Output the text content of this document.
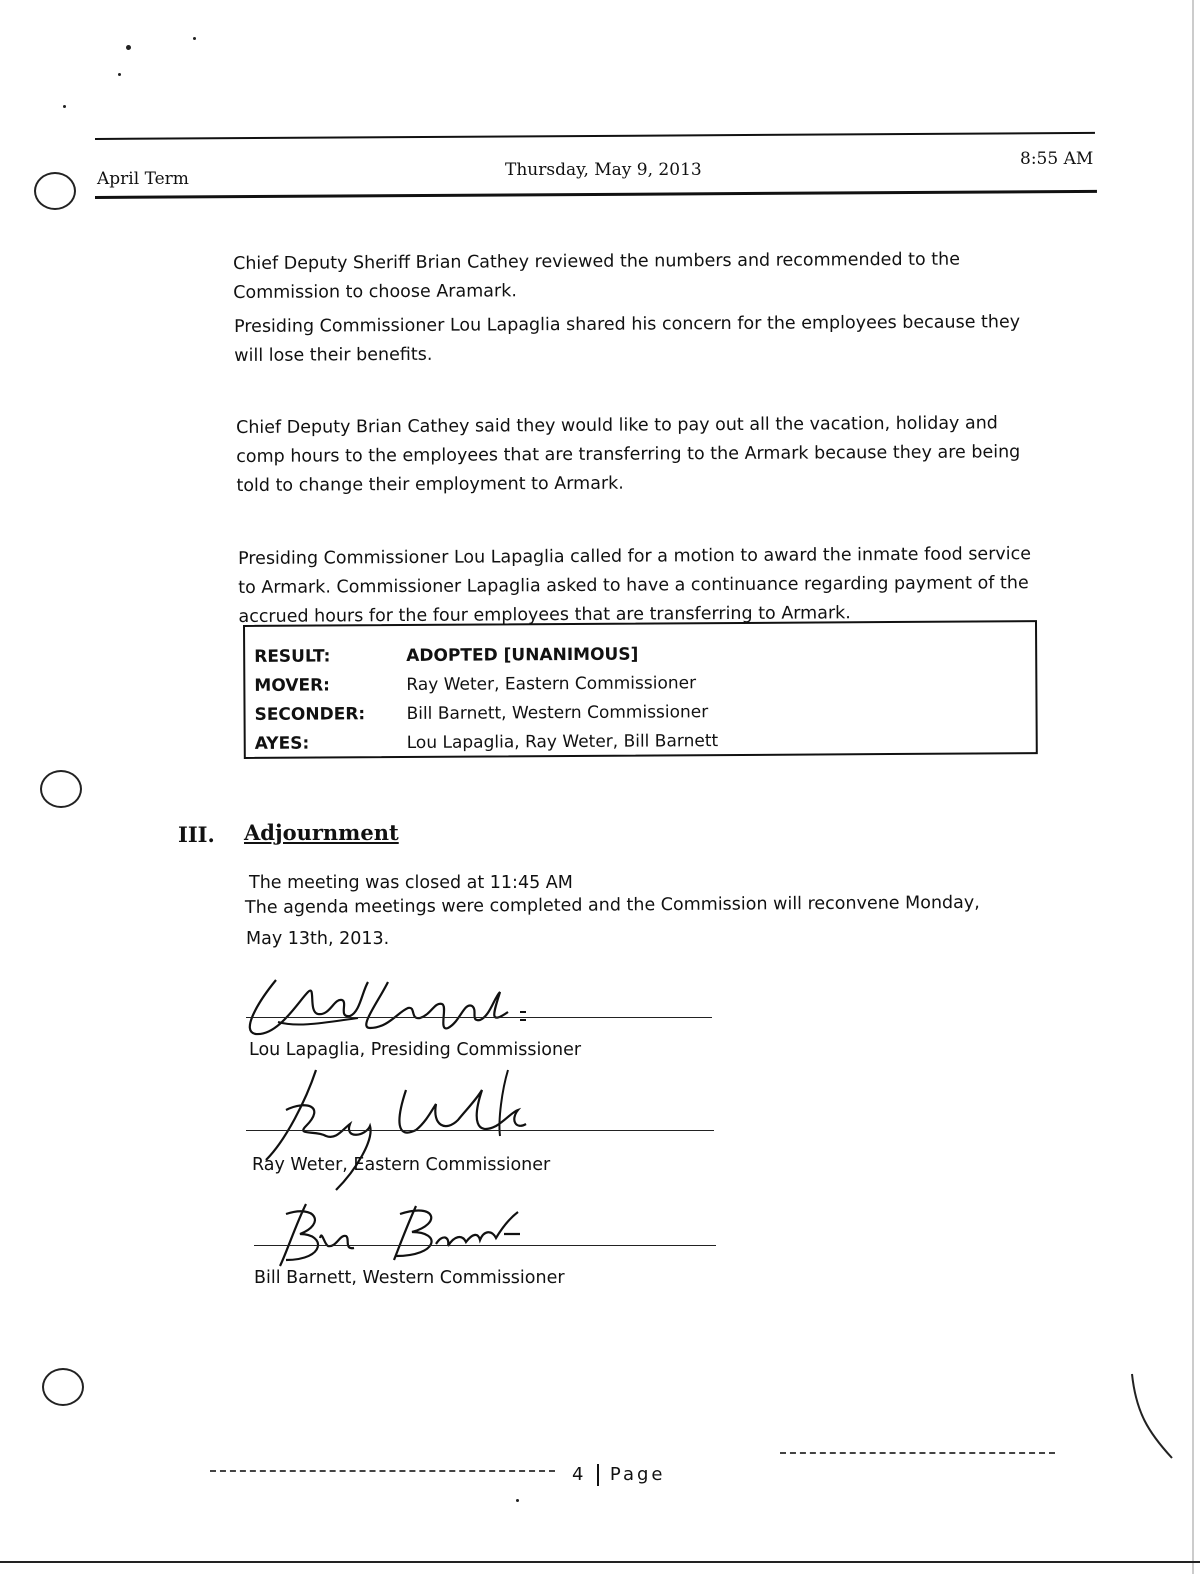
April Term	Thursday, May 9, 2013
8:55 AM
Chief Deputy Sheriff Brian Cathey reviewed the numbers and recommended to the Commission to choose Aramark.
Presiding Commissioner Lou Lapaglia shared his concern for the employees because they will lose their benefits.
Chief Deputy Brian Cathey said they would like to pay out all the vacation, holiday and comp hours to the employees that are transferring to the Armark because they are being told to change their employment to Armark.
Presiding Commissioner Lou Lapaglia called for a motion to award the inmate food service to Armark. Commissioner Lapaglia asked to have a continuance regarding payment of the accrued hours for the four employees that are transferring to Armark.
RESULT:	ADOPTED [UNANIMOUS]
MOVER:	Ray Weter, Eastern Commissioner
SECONDER: Bill Barnett, Western Commissioner
AYES:	Lou Lapaglia, Ray Weter, Bill Barnett
III. Adjournment
The meeting was closed at 11:45 AM
The agenda meetings were completed and the Commission will reconvene Monday,
May 13th, 2013.
Lou Lapaglia, Presiding Commissioner
Ray Weter, Eastern Commissioner
Bill Barnett, Western Commissioner
4 Page
